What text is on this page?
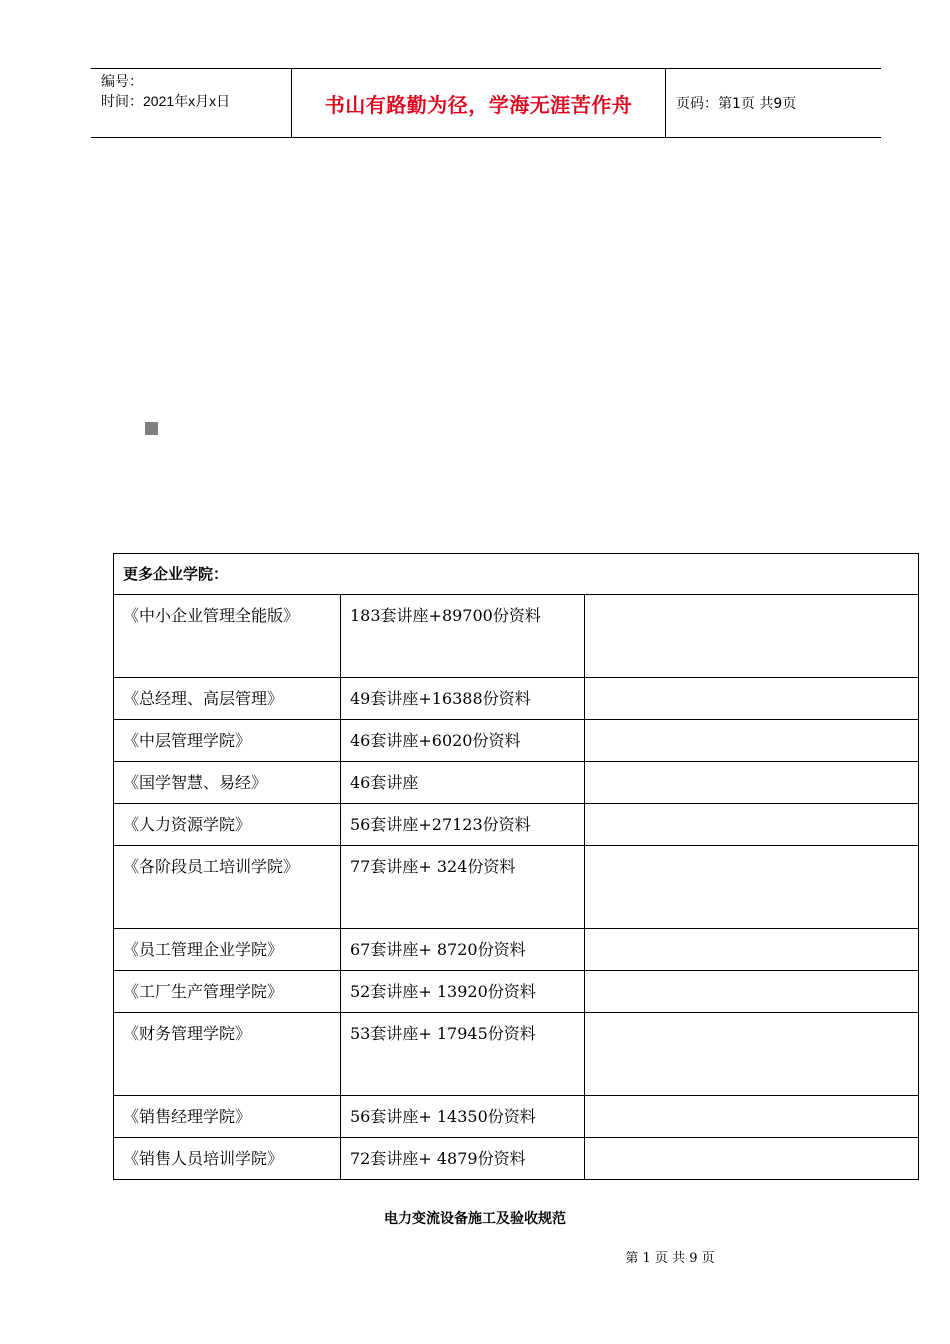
编号：
时间：2021年x月x日	书山有路勤为径，学海无涯苦作舟	页码：第1页 共9页
更多企业学院：		
《中小企业管理全能版》	183套讲座+89700份资料	
《总经理、高层管理》	49套讲座+16388份资料	
《中层管理学院》	46套讲座+6020份资料	
《国学智慧、易经》	46套讲座	
《人力资源学院》	56套讲座+27123份资料	
《各阶段员工培训学院》	77套讲座+ 324份资料	
《员工管理企业学院》	67套讲座+ 8720份资料	
《工厂生产管理学院》	52套讲座+ 13920份资料	
《财务管理学院》	53套讲座+ 17945份资料	
《销售经理学院》	56套讲座+ 14350份资料	
《销售人员培训学院》	72套讲座+ 4879份资料	
电力变流设备施工及验收规范
第 1 页 共 9 页
